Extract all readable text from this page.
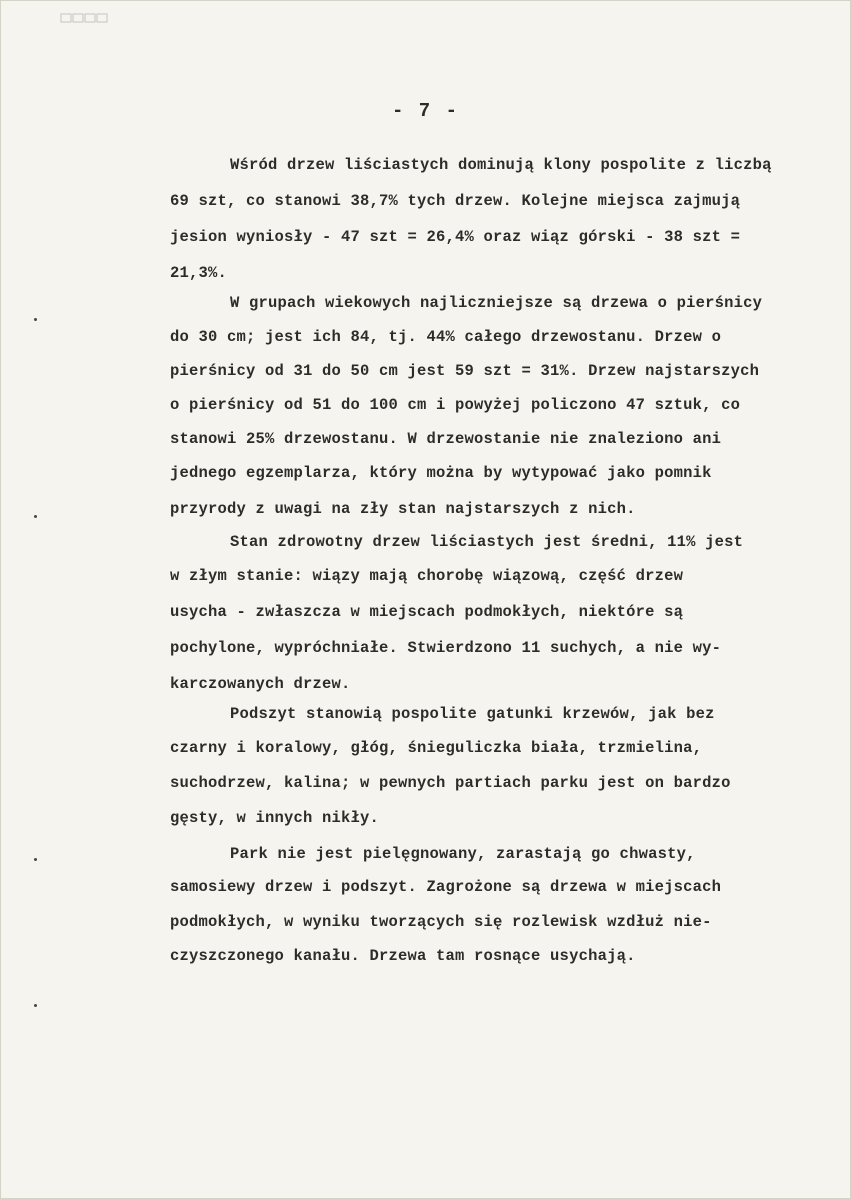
- 7 -
Wśród drzew liściastych dominują klony pospolite z liczbą
69 szt, co stanowi 38,7% tych drzew. Kolejne miejsca zajmują
jesion wyniosły - 47 szt = 26,4% oraz wiąz górski - 38 szt =
21,3%.
W grupach wiekowych najliczniejsze są drzewa o pierśnicy
do 30 cm; jest ich 84, tj. 44% całego drzewostanu. Drzew o
pierśnicy od 31 do 50 cm jest 59 szt = 31%. Drzew najstarszych
o pierśnicy od 51 do 100 cm i powyżej policzono 47 sztuk, co
stanowi 25% drzewostanu. W drzewostanie nie znaleziono ani
jednego egzemplarza, który można by wytypować jako pomnik
przyrody z uwagi na zły stan najstarszych z nich.
Stan zdrowotny drzew liściastych jest średni, 11% jest
w złym stanie: wiązy mają chorobę wiązową, część drzew
usycha - zwłaszcza w miejscach podmokłych, niektóre są
pochylone, wypróchniałe. Stwierdzono 11 suchych, a nie wy-
karczowanych drzew.
Podszyt stanowią pospolite gatunki krzewów, jak bez
czarny i koralowy, głóg, śnieguliczka biała, trzmielina,
suchodrzew, kalina; w pewnych partiach parku jest on bardzo
gęsty, w innych nikły.
Park nie jest pielęgnowany, zarastają go chwasty,
samosiewy drzew i podszyt. Zagrożone są drzewa w miejscach
podmokłych, w wyniku tworzących się rozlewisk wzdłuż nie-
czyszczonego kanału. Drzewa tam rosnące usychają.
